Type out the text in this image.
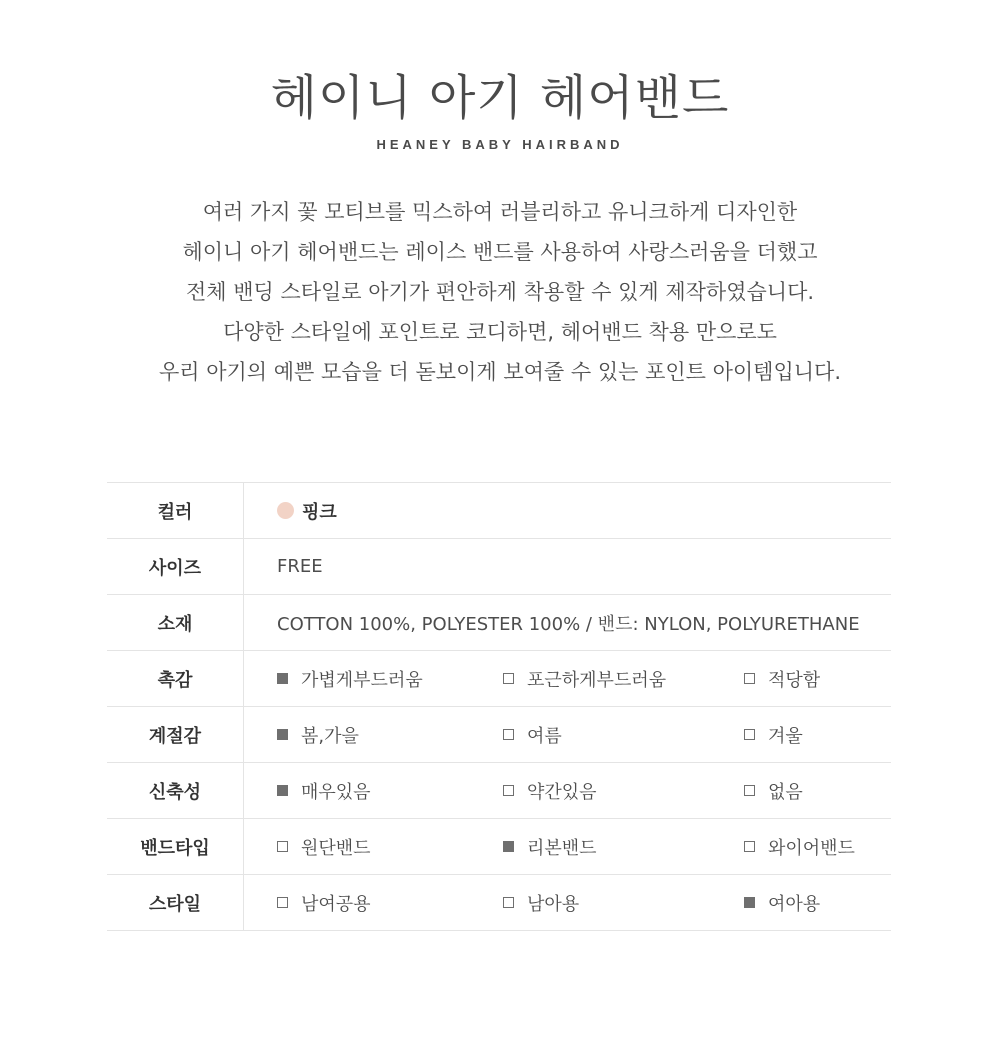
헤이니 아기 헤어밴드
HEANEY BABY HAIRBAND
여러 가지 꽃 모티브를 믹스하여 러블리하고 유니크하게 디자인한
헤이니 아기 헤어밴드는 레이스 밴드를 사용하여 사랑스러움을 더했고
전체 밴딩 스타일로 아기가 편안하게 착용할 수 있게 제작하였습니다.
다양한 스타일에 포인트로 코디하면, 헤어밴드 착용 만으로도
우리 아기의 예쁜 모습을 더 돋보이게 보여줄 수 있는 포인트 아이템입니다.
컬러	핑크

사이즈	FREE
소재	COTTON 100%, POLYESTER 100% / 밴드: NYLON, POLYURETHANE
촉감	가볍게부드러움 포근하게부드러움 적당함

계절감	봄,가을 여름 겨울

신축성	매우있음 약간있음 없음

밴드타입	원단밴드 리본밴드 와이어밴드

스타일	남여공용 남아용 여아용
